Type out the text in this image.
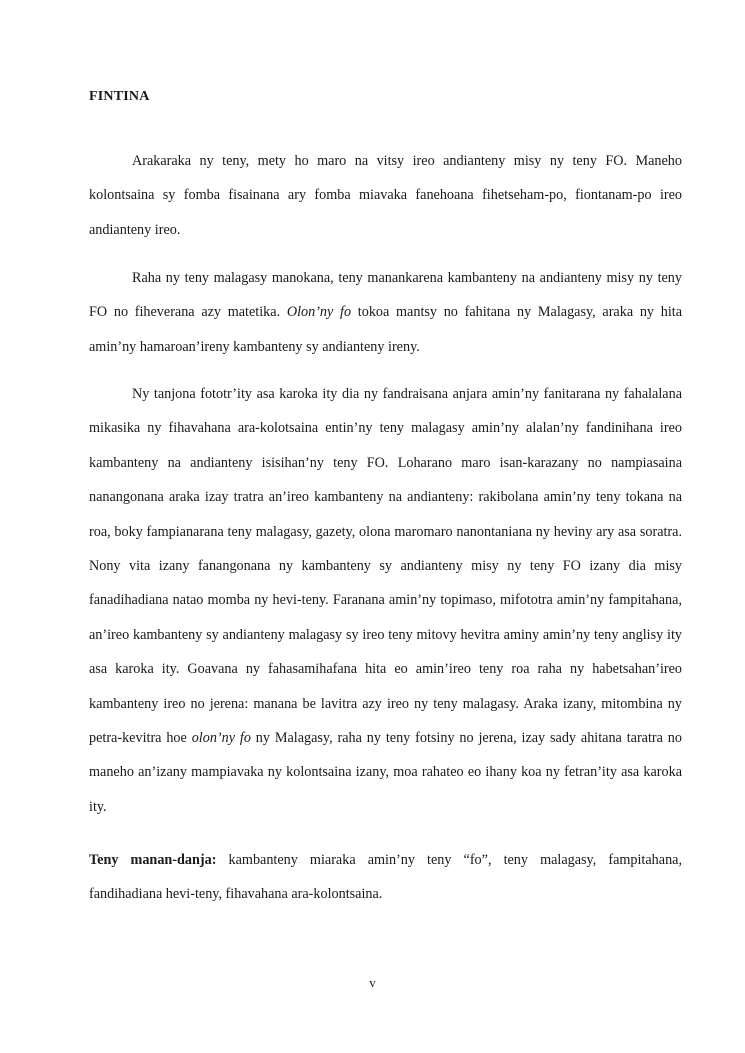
FINTINA

Arakaraka ny teny, mety ho maro na vitsy ireo andianteny misy ny teny FO. Maneho kolontsaina sy fomba fisainana ary fomba miavaka fanehoana fihetseham-po, fiontanam-po ireo andianteny ireo.

Raha ny teny malagasy manokana, teny manankarena kambanteny na andianteny misy ny teny FO no fiheverana azy matetika. Olon’ny fo tokoa mantsy no fahitana ny Malagasy, araka ny hita amin’ny hamaroan’ireny kambanteny sy andianteny ireny.

Ny tanjona fototr’ity asa karoka ity dia ny fandraisana anjara amin’ny fanitarana ny fahalalana mikasika ny fihavahana ara-kolotsaina entin’ny teny malagasy amin’ny alalan’ny fandinihana ireo kambanteny na andianteny isisihan’ny teny FO. Loharano maro isan-karazany no nampiasaina nanangonana araka izay tratra an’ireo kambanteny na andianteny: rakibolana amin’ny teny tokana na roa, boky fampianarana teny malagasy, gazety, olona maromaro nanontaniana ny heviny ary asa soratra. Nony vita izany fanangonana ny kambanteny sy andianteny misy ny teny FO izany dia misy fanadihadiana natao momba ny hevi-teny. Faranana amin’ny topimaso, mifototra amin’ny fampitahana, an’ireo kambanteny sy andianteny malagasy sy ireo teny mitovy hevitra aminy amin’ny teny anglisy ity asa karoka ity. Goavana ny fahasamihafana hita eo amin’ireo teny roa raha ny habetsahan’ireo kambanteny ireo no jerena: manana be lavitra azy ireo ny teny malagasy. Araka izany, mitombina ny petra-kevitra hoe olon’ny fo ny Malagasy, raha ny teny fotsiny no jerena, izay sady ahitana taratra no maneho an’izany mampiavaka ny kolontsaina izany, moa rahateo eo ihany koa ny fetran’ity asa karoka ity.

Teny manan-danja: kambanteny miaraka amin’ny teny “fo”, teny malagasy, fampitahana, fandihadiana hevi-teny, fihavahana ara-kolontsaina.

v
